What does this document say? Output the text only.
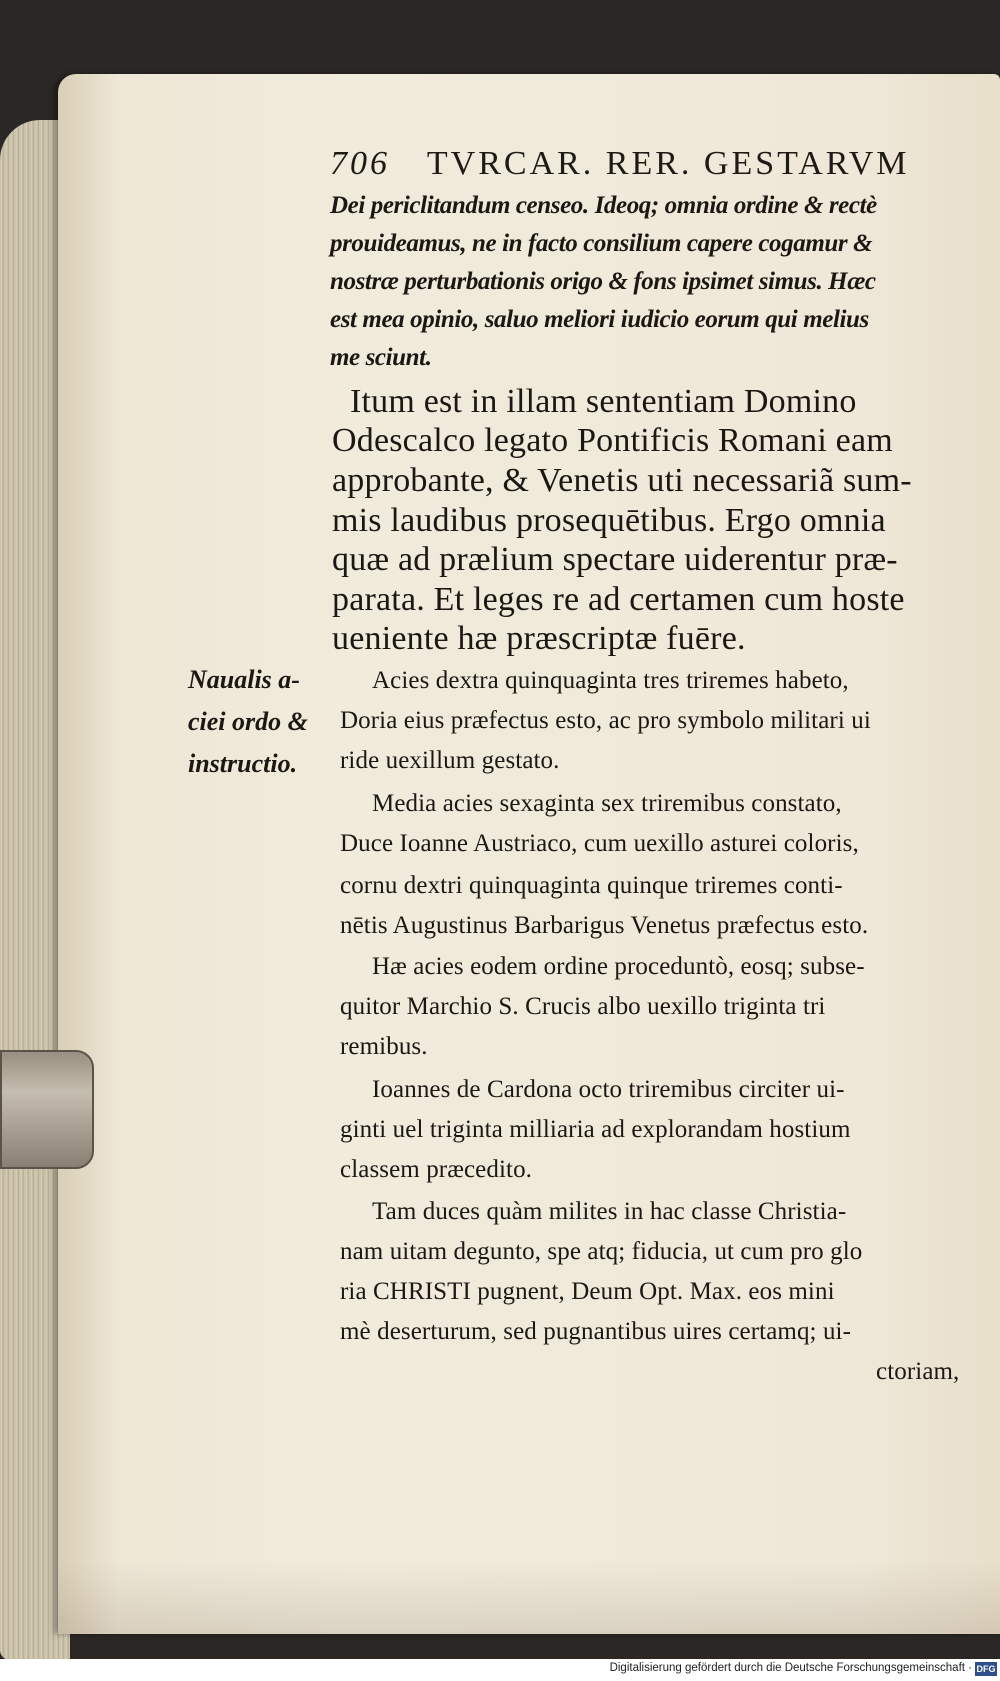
706 TVRCAR. RER. GESTARVM
Dei periclitandum censeo. Ideoq; omnia ordine & rectè
prouideamus, ne in facto consilium capere cogamur &
nostræ perturbationis origo & fons ipsimet simus. Hæc
est mea opinio, saluo meliori iudicio eorum qui melius
me sciunt.
Itum est in illam sententiam Domino
Odescalco legato Pontificis Romani eam
approbante, & Venetis uti necessariã sum-
mis laudibus prosequētibus. Ergo omnia
quæ ad prælium spectare uiderentur præ-
parata. Et leges re ad certamen cum hoste
ueniente hæ præscriptæ fuēre.
Naualis a-
ciei ordo &
instructio.
Acies dextra quinquaginta tres triremes habeto,
Doria eius præfectus esto, ac pro symbolo militari ui
ride uexillum gestato.
Media acies sexaginta sex triremibus constato,
Duce Ioanne Austriaco, cum uexillo asturei coloris,
cornu dextri quinquaginta quinque triremes conti-
nētis Augustinus Barbarigus Venetus præfectus esto.
Hæ acies eodem ordine proceduntò, eosq; subse-
quitor Marchio S. Crucis albo uexillo triginta tri
remibus.
Ioannes de Cardona octo triremibus circiter ui-
ginti uel triginta milliaria ad explorandam hostium
classem præcedito.
Tam duces quàm milites in hac classe Christia-
nam uitam degunto, spe atq; fiducia, ut cum pro glo
ria CHRISTI pugnent, Deum Opt. Max. eos mini
mè deserturum, sed pugnantibus uires certamq; ui-
ctoriam,
Digitalisierung gefördert durch die Deutsche Forschungsgemeinschaft · DFG
